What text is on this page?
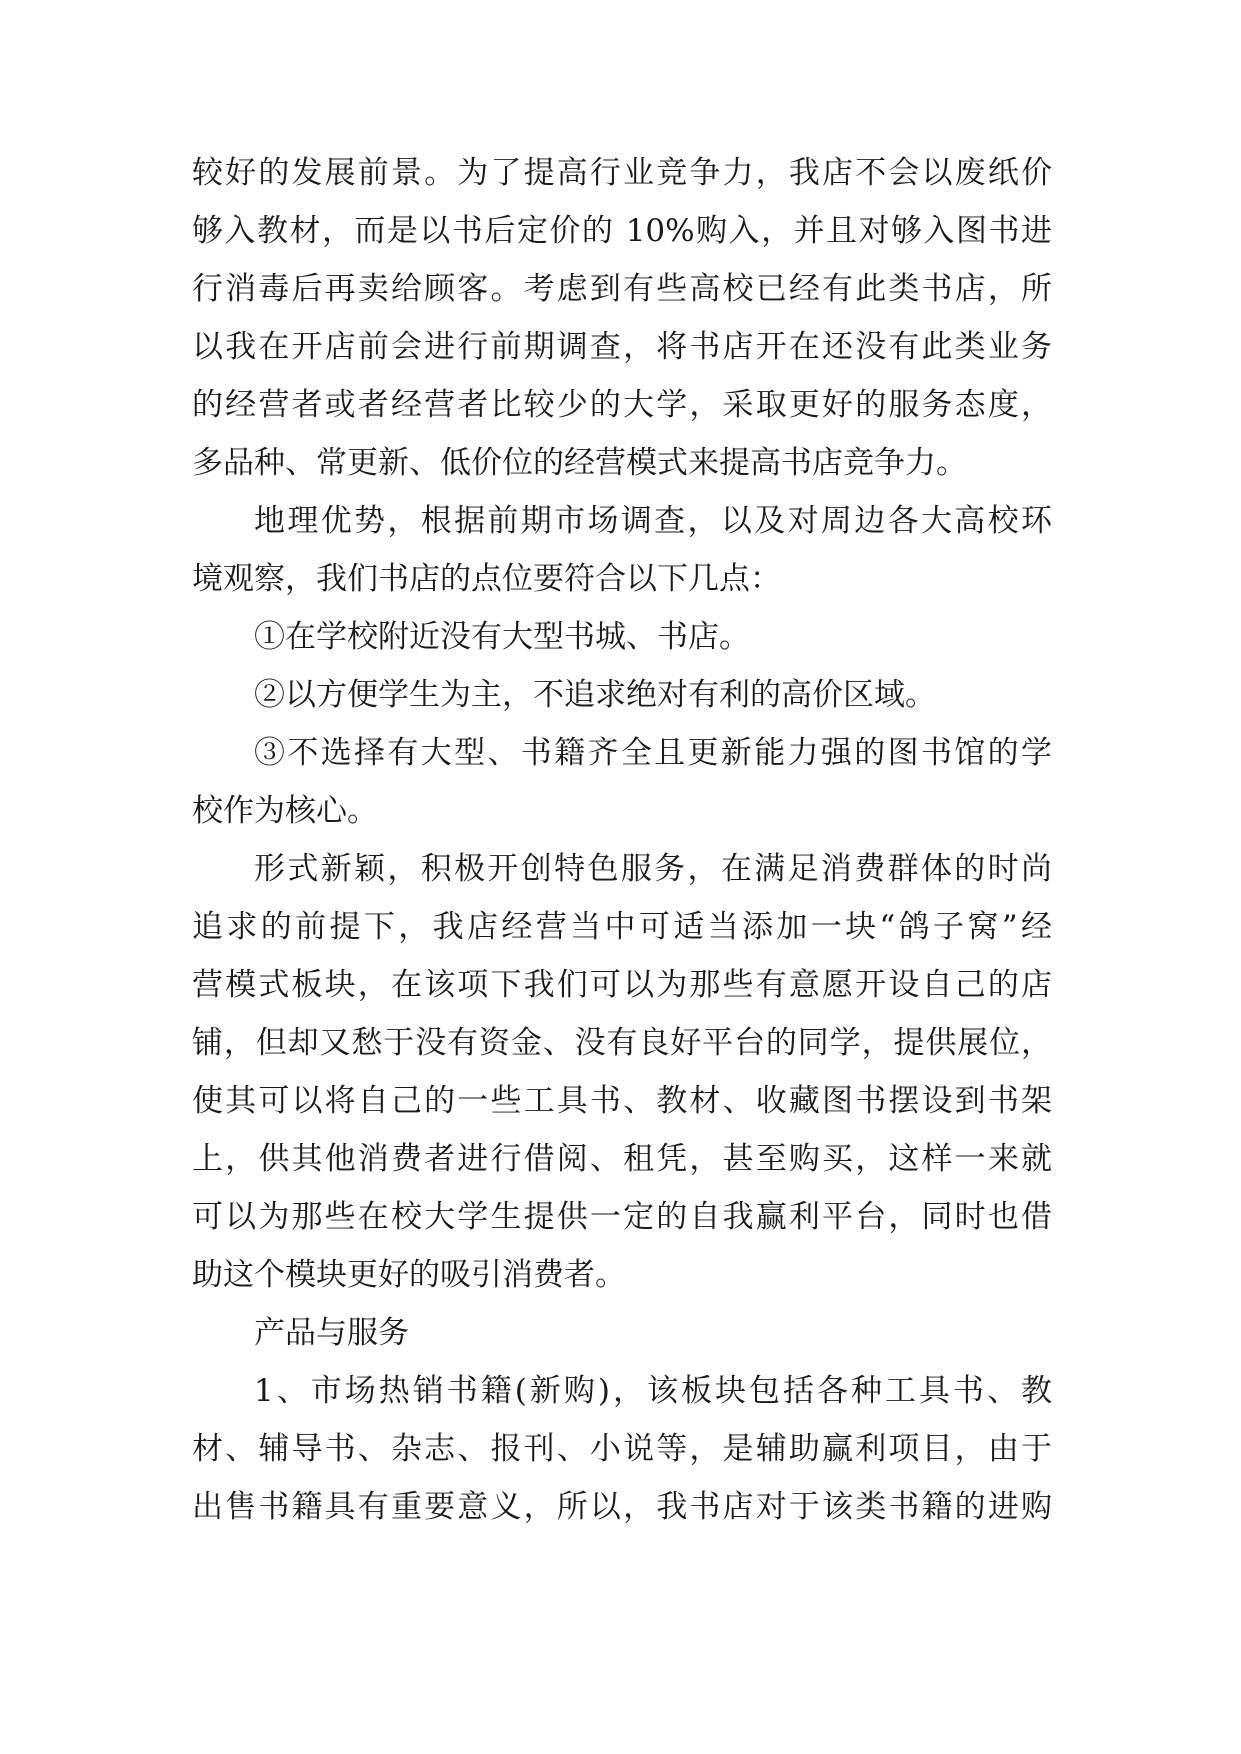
较好的发展前景。为了提高行业竞争力，我店不会以废纸价
够入教材，而是以书后定价的 10%购入，并且对够入图书进
行消毒后再卖给顾客。考虑到有些高校已经有此类书店，所
以我在开店前会进行前期调查，将书店开在还没有此类业务
的经营者或者经营者比较少的大学，采取更好的服务态度，
多品种、常更新、低价位的经营模式来提高书店竞争力。
地理优势，根据前期市场调查，以及对周边各大高校环
境观察，我们书店的点位要符合以下几点：
①在学校附近没有大型书城、书店。
②以方便学生为主，不追求绝对有利的高价区域。
③不选择有大型、书籍齐全且更新能力强的图书馆的学
校作为核心。
形式新颖，积极开创特色服务，在满足消费群体的时尚
追求的前提下，我店经营当中可适当添加一块“鸽子窝”经
营模式板块，在该项下我们可以为那些有意愿开设自己的店
铺，但却又愁于没有资金、没有良好平台的同学，提供展位，
使其可以将自己的一些工具书、教材、收藏图书摆设到书架
上，供其他消费者进行借阅、租凭，甚至购买，这样一来就
可以为那些在校大学生提供一定的自我赢利平台，同时也借
助这个模块更好的吸引消费者。
产品与服务
1、市场热销书籍(新购)，该板块包括各种工具书、教
材、辅导书、杂志、报刊、小说等，是辅助赢利项目，由于
出售书籍具有重要意义，所以，我书店对于该类书籍的进购
